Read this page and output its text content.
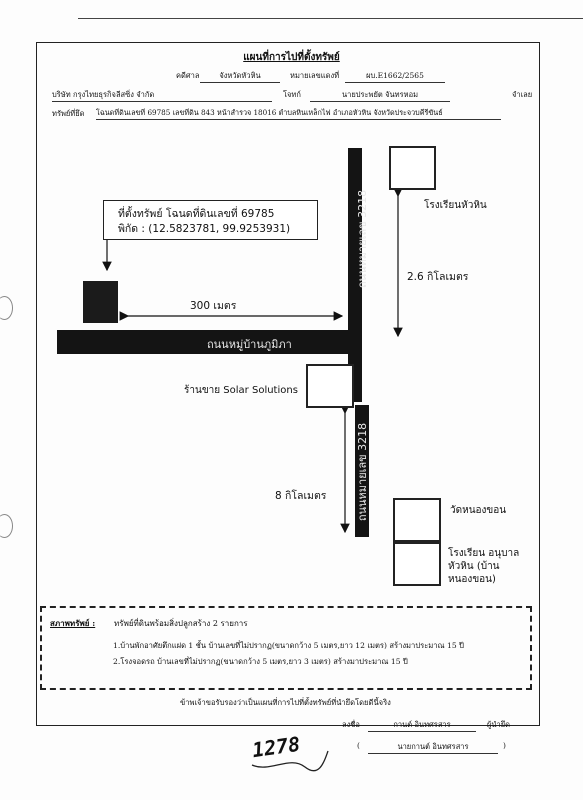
แผนที่การไปที่ตั้งทรัพย์
คดีศาล	จังหวัดหัวหิน	หมายเลขแดงที่	ผบ.E1662/2565
บริษัท กรุงไทยธุรกิจลีสซิ่ง จำกัด	โจทก์	นายประพยัต จันทรหอม	จำเลย
ทรัพย์ที่ยึด โฉนดที่ดินเลขที่ 69785 เลขที่ดิน 843 หน้าสำรวจ 18016 ตำบลหินเหล็กไฟ อำเภอหัวหิน จังหวัดประจวบคีรีขันธ์
ถนนหมายเลข 3218
ถนนหมู่บ้านภูมิภา
ถนนหมายเลข 3218
ที่ตั้งทรัพย์ โฉนดที่ดินเลขที่ 69785
พิกัด : (12.5823781, 99.9253931)
300 เมตร
2.6 กิโลเมตร
8 กิโลเมตร
โรงเรียนหัวหิน
ร้านขาย Solar Solutions
วัดหนองขอน
โรงเรียน อนุบาล
หัวหิน (บ้าน
หนองขอน)
สภาพทรัพย์ : ทรัพย์ที่ดินพร้อมสิ่งปลูกสร้าง 2 รายการ
1.บ้านพักอาศัยตึกแฝด 1 ชั้น บ้านเลขที่ไม่ปรากฏ(ขนาดกว้าง 5 เมตร,ยาว 12 เมตร) สร้างมาประมาณ 15 ปี
2.โรงจอดรถ บ้านเลขที่ไม่ปรากฏ(ขนาดกว้าง 5 เมตร,ยาว 3 เมตร) สร้างมาประมาณ 15 ปี
ข้าพเจ้าขอรับรองว่าเป็นแผนที่การไปที่ตั้งทรัพย์ที่นำยึดโดยดีนี้จริง
ลงชื่อ	กานต์ อินทศรสาร	ผู้นำยึด
(	นายกานต์ อินทศรสาร	)
1278
